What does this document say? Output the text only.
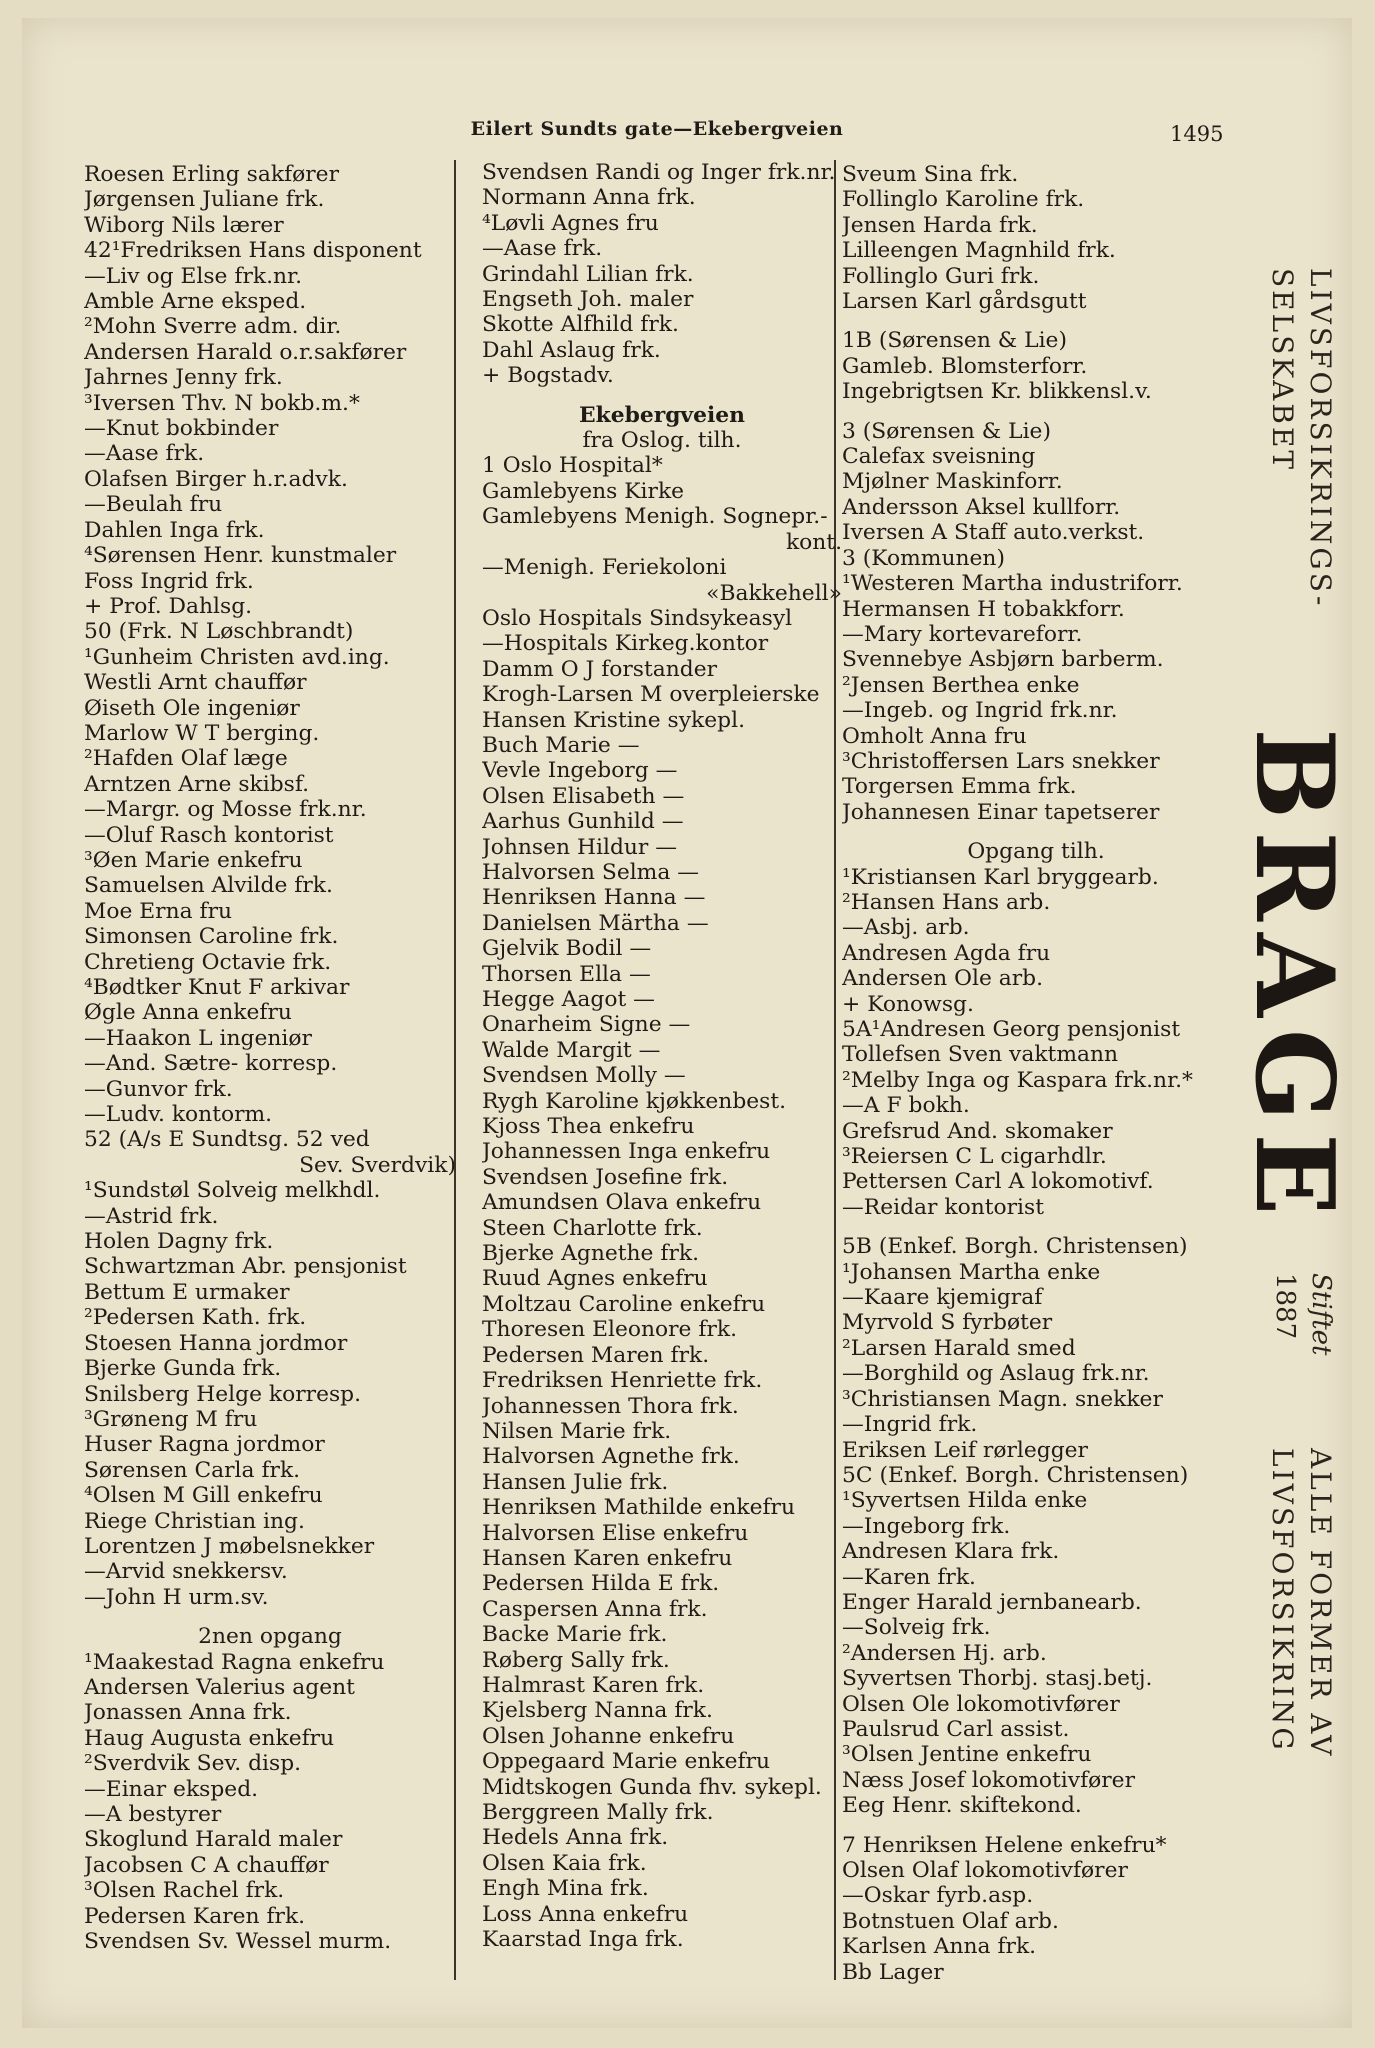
Eilert Sundts gate—Ekebergveien	1495
Roesen Erling sakfører
Jørgensen Juliane frk.
Wiborg Nils lærer
42¹Fredriksen Hans disponent
—Liv og Else frk.nr.
Amble Arne eksped.
²Mohn Sverre adm. dir.
Andersen Harald o.r.sakfører
Jahrnes Jenny frk.
³Iversen Thv. N bokb.m.*
—Knut bokbinder
—Aase frk.
Olafsen Birger h.r.advk.
—Beulah fru
Dahlen Inga frk.
⁴Sørensen Henr. kunstmaler
Foss Ingrid frk.
+ Prof. Dahlsg.
50 (Frk. N Løschbrandt)
¹Gunheim Christen avd.ing.
Westli Arnt chauffør
Øiseth Ole ingeniør
Marlow W T berging.
²Hafden Olaf læge
Arntzen Arne skibsf.
—Margr. og Mosse frk.nr.
—Oluf Rasch kontorist
³Øen Marie enkefru
Samuelsen Alvilde frk.
Moe Erna fru
Simonsen Caroline frk.
Chretieng Octavie frk.
⁴Bødtker Knut F arkivar
Øgle Anna enkefru
—Haakon L ingeniør
—And. Sætre- korresp.
—Gunvor frk.
—Ludv. kontorm.
52 (A/s E Sundtsg. 52 ved
Sev. Sverdvik)
¹Sundstøl Solveig melkhdl.
—Astrid frk.
Holen Dagny frk.
Schwartzman Abr. pensjonist
Bettum E urmaker
²Pedersen Kath. frk.
Stoesen Hanna jordmor
Bjerke Gunda frk.
Snilsberg Helge korresp.
³Grøneng M fru
Huser Ragna jordmor
Sørensen Carla frk.
⁴Olsen M Gill enkefru
Riege Christian ing.
Lorentzen J møbelsnekker
—Arvid snekkersv.
—John H urm.sv.
2nen opgang
¹Maakestad Ragna enkefru
Andersen Valerius agent
Jonassen Anna frk.
Haug Augusta enkefru
²Sverdvik Sev. disp.
—Einar eksped.
—A bestyrer
Skoglund Harald maler
Jacobsen C A chauffør
³Olsen Rachel frk.
Pedersen Karen frk.
Svendsen Sv. Wessel murm.
Svendsen Randi og Inger frk.nr.
Normann Anna frk.
⁴Løvli Agnes fru
—Aase frk.
Grindahl Lilian frk.
Engseth Joh. maler
Skotte Alfhild frk.
Dahl Aslaug frk.
+ Bogstadv.
Ekebergveien
fra Oslog. tilh.
1 Oslo Hospital*
Gamlebyens Kirke
Gamlebyens Menigh. Sognepr.-
kont.
—Menigh. Feriekoloni
«Bakkehell»
Oslo Hospitals Sindsykeasyl
—Hospitals Kirkeg.kontor
Damm O J forstander
Krogh-Larsen M overpleierske
Hansen Kristine sykepl.
Buch Marie —
Vevle Ingeborg —
Olsen Elisabeth —
Aarhus Gunhild —
Johnsen Hildur —
Halvorsen Selma —
Henriksen Hanna —
Danielsen Märtha —
Gjelvik Bodil —
Thorsen Ella —
Hegge Aagot —
Onarheim Signe —
Walde Margit —
Svendsen Molly —
Rygh Karoline kjøkkenbest.
Kjoss Thea enkefru
Johannessen Inga enkefru
Svendsen Josefine frk.
Amundsen Olava enkefru
Steen Charlotte frk.
Bjerke Agnethe frk.
Ruud Agnes enkefru
Moltzau Caroline enkefru
Thoresen Eleonore frk.
Pedersen Maren frk.
Fredriksen Henriette frk.
Johannessen Thora frk.
Nilsen Marie frk.
Halvorsen Agnethe frk.
Hansen Julie frk.
Henriksen Mathilde enkefru
Halvorsen Elise enkefru
Hansen Karen enkefru
Pedersen Hilda E frk.
Caspersen Anna frk.
Backe Marie frk.
Røberg Sally frk.
Halmrast Karen frk.
Kjelsberg Nanna frk.
Olsen Johanne enkefru
Oppegaard Marie enkefru
Midtskogen Gunda fhv. sykepl.
Berggreen Mally frk.
Hedels Anna frk.
Olsen Kaia frk.
Engh Mina frk.
Loss Anna enkefru
Kaarstad Inga frk.
Sveum Sina frk.
Follinglo Karoline frk.
Jensen Harda frk.
Lilleengen Magnhild frk.
Follinglo Guri frk.
Larsen Karl gårdsgutt
1B (Sørensen & Lie)
Gamleb. Blomsterforr.
Ingebrigtsen Kr. blikkensl.v.
3 (Sørensen & Lie)
Calefax sveisning
Mjølner Maskinforr.
Andersson Aksel kullforr.
Iversen A Staff auto.verkst.
3 (Kommunen)
¹Westeren Martha industriforr.
Hermansen H tobakkforr.
—Mary kortevareforr.
Svennebye Asbjørn barberm.
²Jensen Berthea enke
—Ingeb. og Ingrid frk.nr.
Omholt Anna fru
³Christoffersen Lars snekker
Torgersen Emma frk.
Johannesen Einar tapetserer
Opgang tilh.
¹Kristiansen Karl bryggearb.
²Hansen Hans arb.
—Asbj. arb.
Andresen Agda fru
Andersen Ole arb.
+ Konowsg.
5A¹Andresen Georg pensjonist
Tollefsen Sven vaktmann
²Melby Inga og Kaspara frk.nr.*
—A F bokh.
Grefsrud And. skomaker
³Reiersen C L cigarhdlr.
Pettersen Carl A lokomotivf.
—Reidar kontorist
5B (Enkef. Borgh. Christensen)
¹Johansen Martha enke
—Kaare kjemigraf
Myrvold S fyrbøter
²Larsen Harald smed
—Borghild og Aslaug frk.nr.
³Christiansen Magn. snekker
—Ingrid frk.
Eriksen Leif rørlegger
5C (Enkef. Borgh. Christensen)
¹Syvertsen Hilda enke
—Ingeborg frk.
Andresen Klara frk.
—Karen frk.
Enger Harald jernbanearb.
—Solveig frk.
²Andersen Hj. arb.
Syvertsen Thorbj. stasj.betj.
Olsen Ole lokomotivfører
Paulsrud Carl assist.
³Olsen Jentine enkefru
Næss Josef lokomotivfører
Eeg Henr. skiftekond.
7 Henriksen Helene enkefru*
Olsen Olaf lokomotivfører
—Oskar fyrb.asp.
Botnstuen Olaf arb.
Karlsen Anna frk.
Bb Lager
LIVSFORSIKRINGS-
SELSKABET
BRAGE
Stiftet
1887
ALLE FORMER AV
LIVSFORSIKRING
